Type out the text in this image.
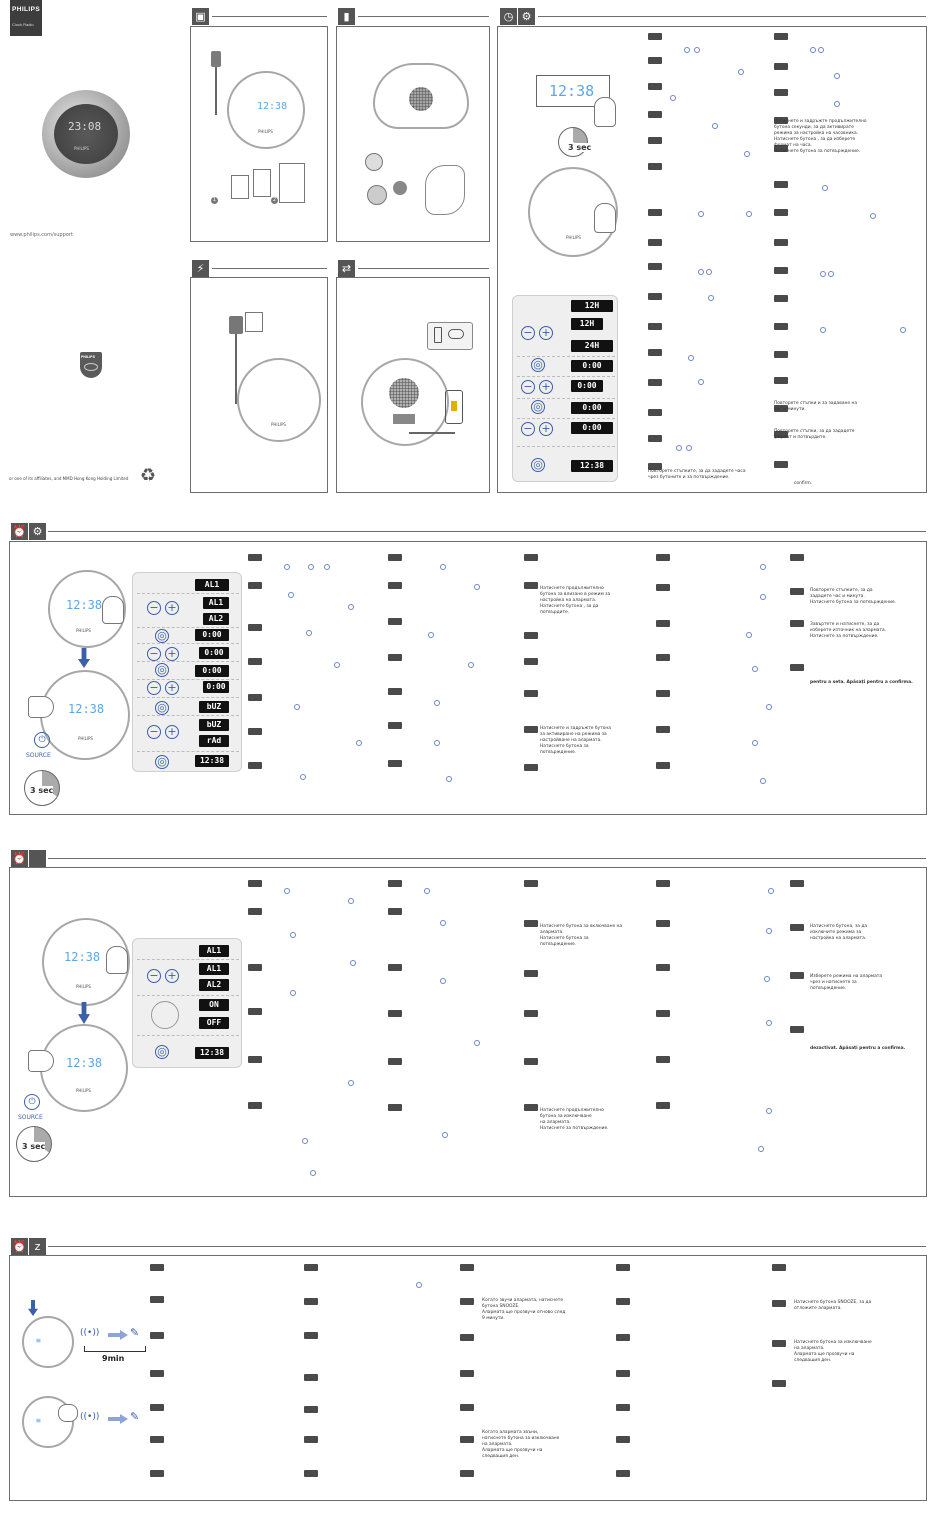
PHILIPS
Clock Radio
23:08
PHILIPS
www.philips.com/support
PHILIPS
or one of its affiliates, and MMD Hong Kong Holding Limited ♻
▣
12:38
PHILIPS
1	2
▮
⚡
PHILIPS
⇄
◷ ⚙
12:38
3 sec
PHILIPS
12H
12H
24H
− +
0:00
◎
0:00
− +
0:00
◎
0:00
− +
12:38
◎
Повторете стъпките, за да зададете часа
чрез бутоните и за потвърждение.
Натиснете и задръжте продължително
бутона секунди, за да активирате
режима за настройка на часовника.
Натиснете бутона , за да изберете
формат на часа.
Натиснете бутона за потвърждение.
Повторете стъпки и за задаване на
час и минути.
Повторете стъпки, за да зададете
формат и потвърдите.
confirm.
⏰ ⚙
12:38
PHILIPS
12:38
PHILIPS
⏻
SOURCE
3 sec
AL1
AL1
AL2
− +
0:00
◎
0:00
− +
0:00
◎
0:00
− +
bUZ
◎
bUZ
rAd
− +
12:38
◎
Натиснете продължително
бутона за влизане в режим за
настройка на алармата.
Натиснете бутона , за да
потвърдите.
Натиснете и задръжте бутона
за активиране на режима за
настройване на алармата.
Натиснете бутона за
потвърждение.
Повторете стъпките, за да
зададете час и минута.
Натиснете бутона за потвърждение.
Завъртете и натиснете, за да
изберете източник на алармата.
Натиснете за потвърждение.
pentru a seta. Apăsați pentru a confirma.
⏰
12:38
PHILIPS
12:38
PHILIPS
⏻
SOURCE
3 sec
AL1
AL1
AL2
− +
ON
OFF
12:38
◎
Натиснете бутона за включване на
алармата.
Натиснете бутона за
потвърждение.
Натиснете продължително
бутона за изключване
на алармата.
Натиснете за потвърждение.
Натиснете бутона, за да
изключите режима за
настройка на алармата.
Изберете режима на алармата
чрез и натиснете за
потвърждение.
dezactivat. Apăsați pentru a confirma.
⏰ z
≡
((•))	✎
9min
≡	((•))	✎
Когато звучи алармата, натиснете
бутона SNOOZE.
Алармата ще прозвучи отново след
9 минути.
Когато алармата звъни,
натиснете бутона за изключване
на алармата.
Алармата ще прозвучи на
следващия ден.
Натиснете бутона SNOOZE, за да
отложите алармата.
Натиснете бутона за изключване
на алармата.
Алармата ще прозвучи на
следващия ден.
